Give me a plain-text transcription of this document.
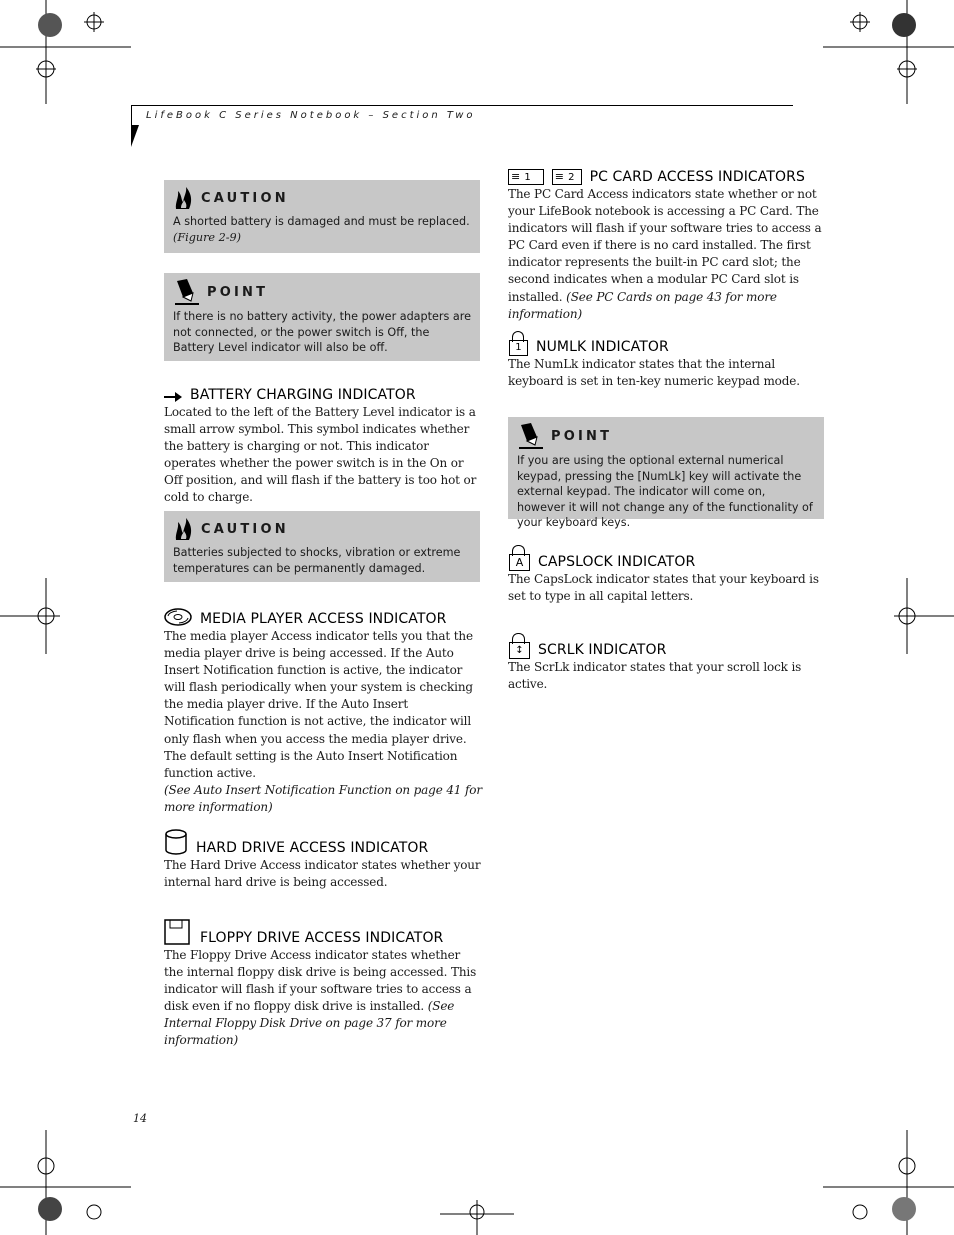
LifeBook C Series Notebook – Section Two
CAUTION
A shorted battery is damaged and must be replaced.
(Figure 2-9)
POINT
If there is no battery activity, the power adapters are not connected, or the power switch is Off, the Battery Level indicator will also be off.
BATTERY CHARGING INDICATOR

Located to the left of the Battery Level indicator is a small arrow symbol. This symbol indicates whether the battery is charging or not. This indicator operates whether the power switch is in the On or Off position, and will flash if the battery is too hot or cold to charge.

CAUTION
Batteries subjected to shocks, vibration or extreme temperatures can be permanently damaged.
MEDIA PLAYER ACCESS INDICATOR

The media player Access indicator tells you that the media player drive is being accessed. If the Auto Insert Notification function is active, the indicator will flash periodically when your system is checking the media player drive. If the Auto Insert Notification function is not active, the indicator will only flash when you access the media player drive. The default setting is the Auto Insert Notification function active.
(See Auto Insert Notification Function on page 41 for more information)

HARD DRIVE ACCESS INDICATOR

The Hard Drive Access indicator states whether your internal hard drive is being accessed.

FLOPPY DRIVE ACCESS INDICATOR

The Floppy Drive Access indicator states whether the internal floppy disk drive is being accessed. This indicator will flash if your software tries to access a disk even if no floppy disk drive is installed. (See Internal Floppy Disk Drive on page 37 for more information)

≡ 1 ≡ 2 PC CARD ACCESS INDICATORS

The PC Card Access indicators state whether or not your LifeBook notebook is accessing a PC Card. The indicators will flash if your software tries to access a PC Card even if there is no card installed. The first indicator represents the built-in PC card slot; the second indicates when a modular PC Card slot is installed. (See PC Cards on page 43 for more information)

1	NUMLK INDICATOR

The NumLk indicator states that the internal keyboard is set in ten-key numeric keypad mode.

POINT
If you are using the optional external numerical keypad, pressing the [NumLk] key will activate the external keypad. The indicator will come on, however it will not change any of the functionality of your keyboard keys.
A	CAPSLOCK INDICATOR

The CapsLock indicator states that your keyboard is set to type in all capital letters.

↕	SCRLK INDICATOR

The ScrLk indicator states that your scroll lock is active.

14
